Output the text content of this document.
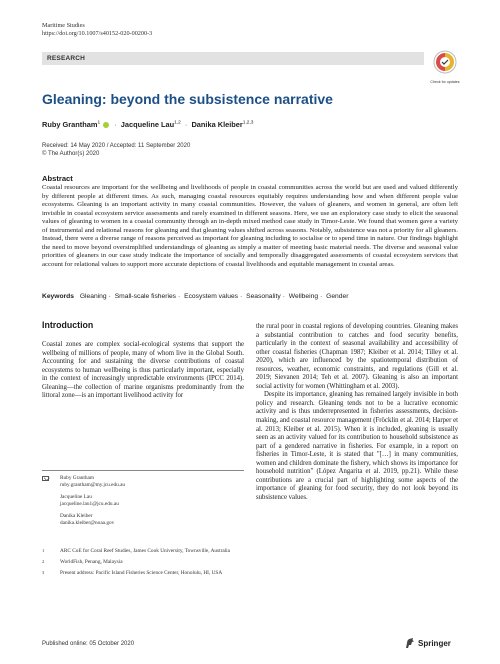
Maritime Studies
https://doi.org/10.1007/s40152-020-00200-3
RESEARCH
Check for updates
Gleaning: beyond the subsistence narrative
Ruby Grantham$^1$ · Jacqueline Lau$^{1,2}$ · Danika Kleiber$^{1,2,3}$
Received: 14 May 2020 / Accepted: 11 September 2020
© The Author(s) 2020
Abstract

Coastal resources are important for the wellbeing and livelihoods of people in coastal communities across the world but are used and valued differently by different people at different times. As such, managing coastal resources equitably requires understanding how and when different people value ecosystems. Gleaning is an important activity in many coastal communities. However, the values of gleaners, and women in general, are often left invisible in coastal ecosystem service assessments and rarely examined in different seasons. Here, we use an exploratory case study to elicit the seasonal values of gleaning to women in a coastal community through an in-depth mixed method case study in Timor-Leste. We found that women gave a variety of instrumental and relational reasons for gleaning and that gleaning values shifted across seasons. Notably, subsistence was not a priority for all gleaners. Instead, there were a diverse range of reasons perceived as important for gleaning including to socialise or to spend time in nature. Our findings highlight the need to move beyond oversimplified understandings of gleaning as simply a matter of meeting basic material needs. The diverse and seasonal value priorities of gleaners in our case study indicate the importance of socially and temporally disaggregated assessments of coastal ecosystem services that account for relational values to support more accurate depictions of coastal livelihoods and equitable management in coastal areas.

Keywords Gleaning · Small-scale fisheries · Ecosystem values · Seasonality · Wellbeing · Gender
Introduction

Coastal zones are complex social-ecological systems that support the wellbeing of millions of people, many of whom live in the Global South. Accounting for and sustaining the diverse contributions of coastal ecosystems to human wellbeing is thus particularly important, especially in the context of increasingly unpredictable environments (IPCC 2014). Gleaning—the collection of marine organisms predominantly from the littoral zone—is an important livelihood activity for

the rural poor in coastal regions of developing countries. Gleaning makes a substantial contribution to catches and food security benefits, particularly in the context of seasonal availability and accessibility of other coastal fisheries (Chapman 1987; Kleiber et al. 2014; Tilley et al. 2020), which are influenced by the spatiotemporal distribution of resources, weather, economic constraints, and regulations (Gill et al. 2019; Sievanen 2014; Teh et al. 2007). Gleaning is also an important social activity for women (Whittingham et al. 2003).

Despite its importance, gleaning has remained largely invisible in both policy and research. Gleaning tends not to be a lucrative economic activity and is thus underrepresented in fisheries assessments, decision-making, and coastal resource management (Fröcklin et al. 2014; Harper et al. 2013; Kleiber et al. 2015). When it is included, gleaning is usually seen as an activity valued for its contribution to household subsistence as part of a gendered narrative in fisheries. For example, in a report on fisheries in Timor-Leste, it is stated that "[…] in many communities, women and children dominate the fishery, which shows its importance for household nutrition" (López Angarita et al. 2019, pp.21). While these contributions are a crucial part of highlighting some aspects of the importance of gleaning for food security, they do not look beyond its subsistence values.

Ruby Grantham
ruby.grantham@my.jcu.edu.au
Jacqueline Lau
jacqueline.lau1@jcu.edu.au
Danika Kleiber
danika.kleiber@noaa.gov
1	ARC CoE for Coral Reef Studies, James Cook University, Townsville, Australia
2	WorldFish, Penang, Malaysia
3	Present address: Pacific Island Fisheries Science Center, Honolulu, HI, USA
Published online: 05 October 2020	Springer
